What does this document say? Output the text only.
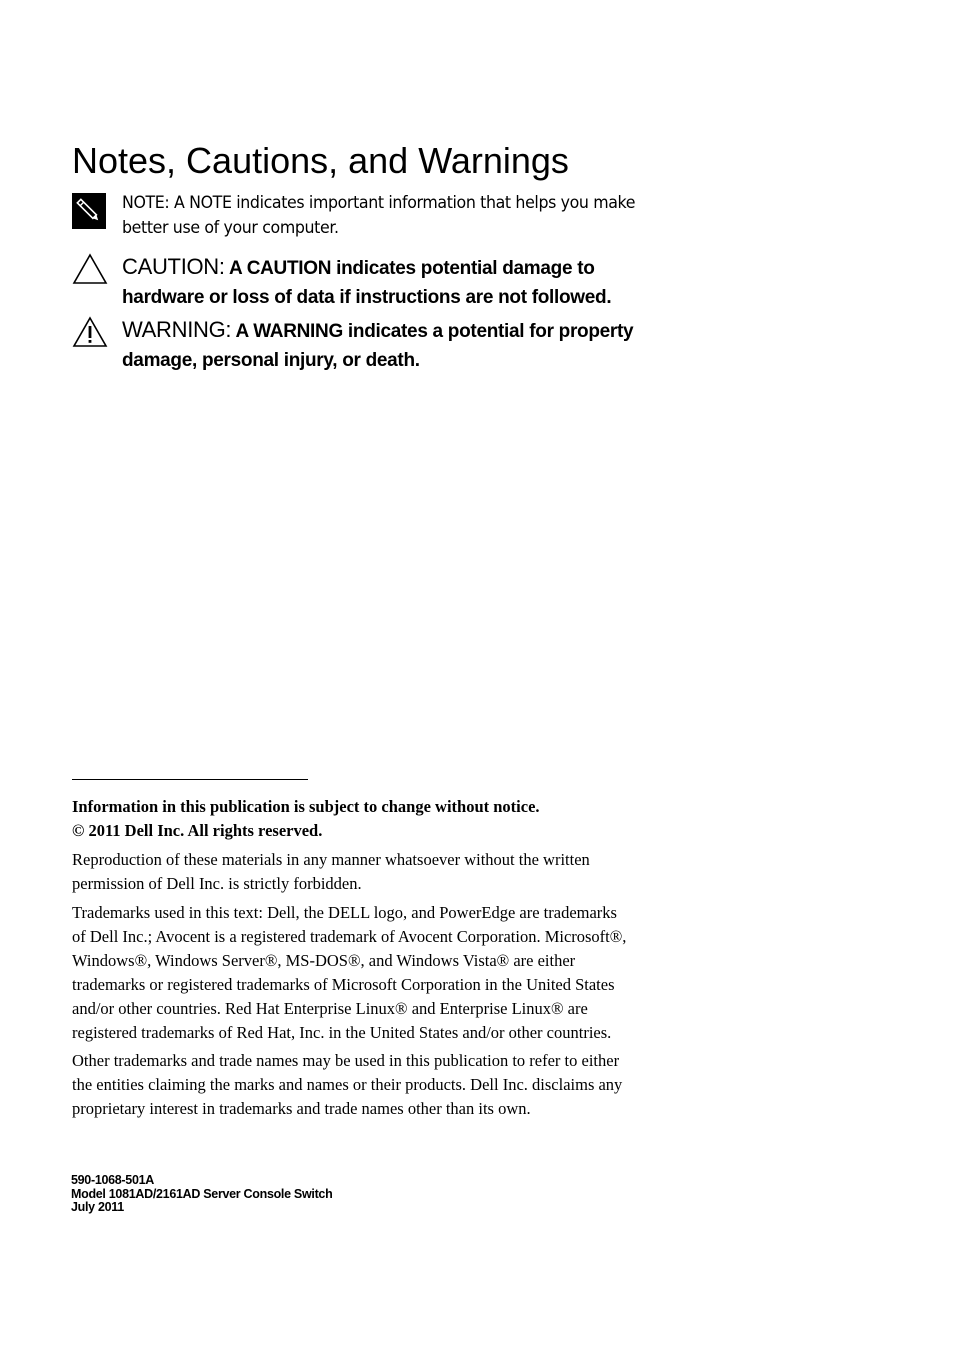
Notes, Cautions, and Warnings
NOTE: A NOTE indicates important information that helps you make
better use of your computer.
CAUTION: A CAUTION indicates potential damage to
hardware or loss of data if instructions are not followed.
WARNING: A WARNING indicates a potential for property
damage, personal injury, or death.
Information in this publication is subject to change without notice.
© 2011 Dell Inc. All rights reserved.
Reproduction of these materials in any manner whatsoever without the written
permission of Dell Inc. is strictly forbidden.
Trademarks used in this text: Dell, the DELL logo, and PowerEdge are trademarks
of Dell Inc.; Avocent is a registered trademark of Avocent Corporation. Microsoft®,
Windows®, Windows Server®, MS-DOS®, and Windows Vista® are either
trademarks or registered trademarks of Microsoft Corporation in the United States
and/or other countries. Red Hat Enterprise Linux® and Enterprise Linux® are
registered trademarks of Red Hat, Inc. in the United States and/or other countries.
Other trademarks and trade names may be used in this publication to refer to either
the entities claiming the marks and names or their products. Dell Inc. disclaims any
proprietary interest in trademarks and trade names other than its own.
590-1068-501A
Model 1081AD/2161AD Server Console Switch
July 2011
